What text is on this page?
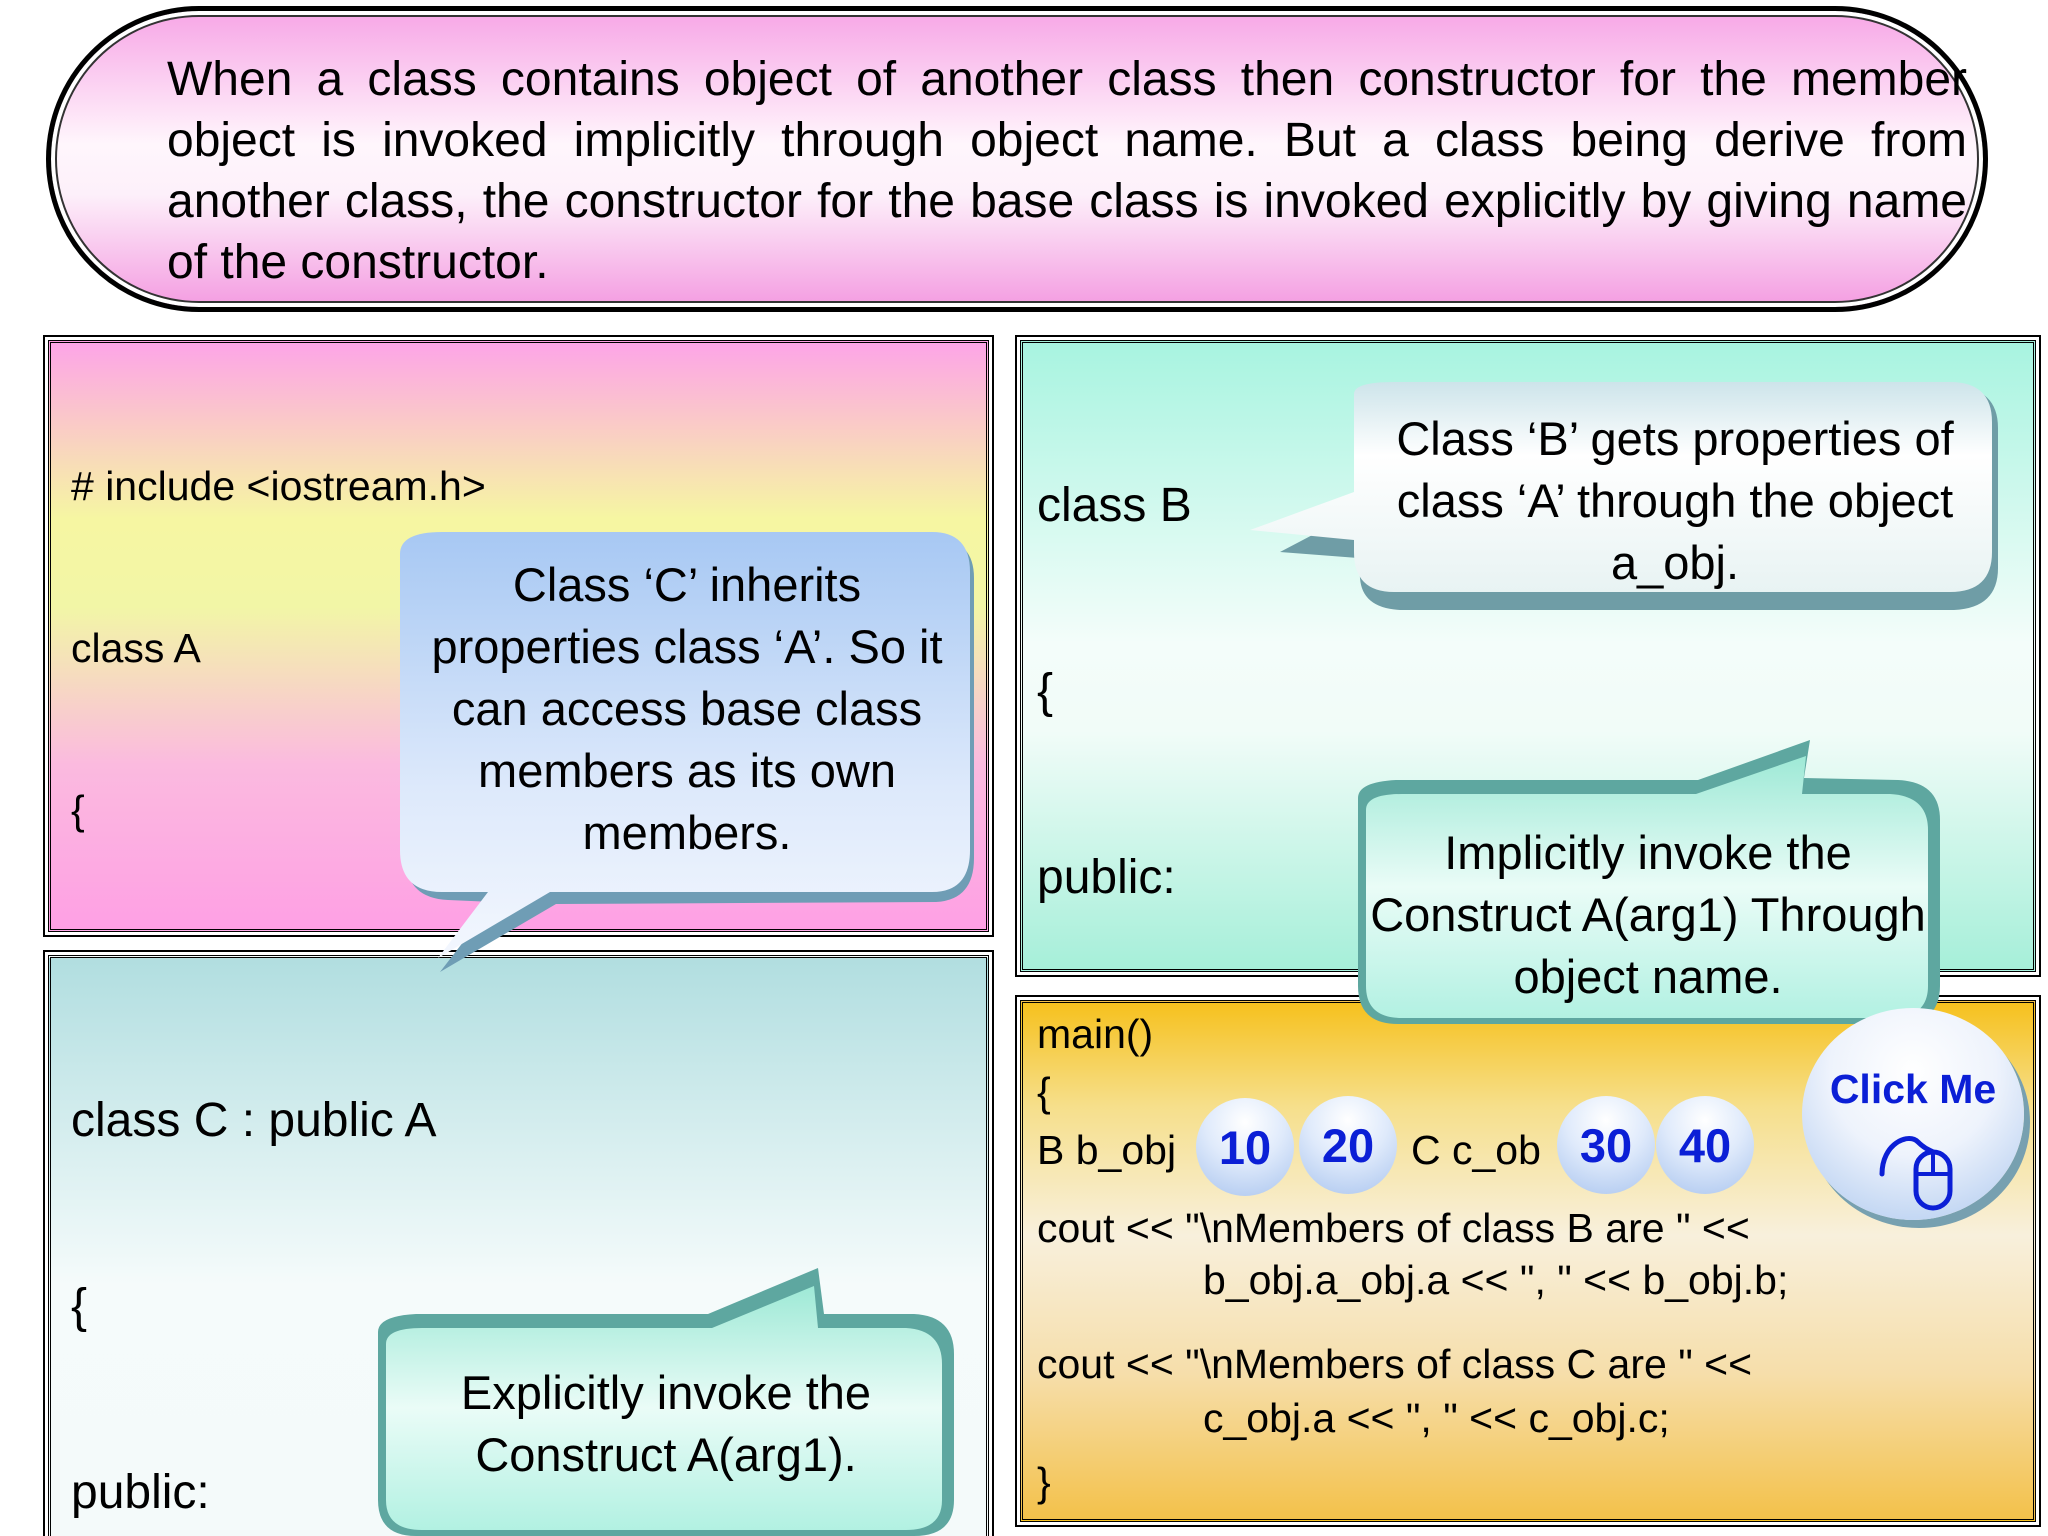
When a class contains object of another class then constructor for the member object is invoked implicitly through object name. But a class being derive from another class, the constructor for the base class is invoked explicitly by giving name of the constructor.

# include <iostream.h>

class A

{

class B

{

public:

class C : public A

{

public:

main()
{
B b_obj	C c_ob
cout << "\nMembers of class B are " <<
b_obj.a_obj.a << ", " << b_obj.b;
cout << "\nMembers of class C are " <<
c_obj.a << ", " << c_obj.c;
}
10	20	30 40
Click Me
Class ‘C’ inherits properties class ‘A’. So it can access base class members as its own members.
Class ‘B’ gets properties of class ‘A’ through the object a_obj.
Implicitly invoke the Construct A(arg1) Through object name.
Explicitly invoke the Construct A(arg1).
